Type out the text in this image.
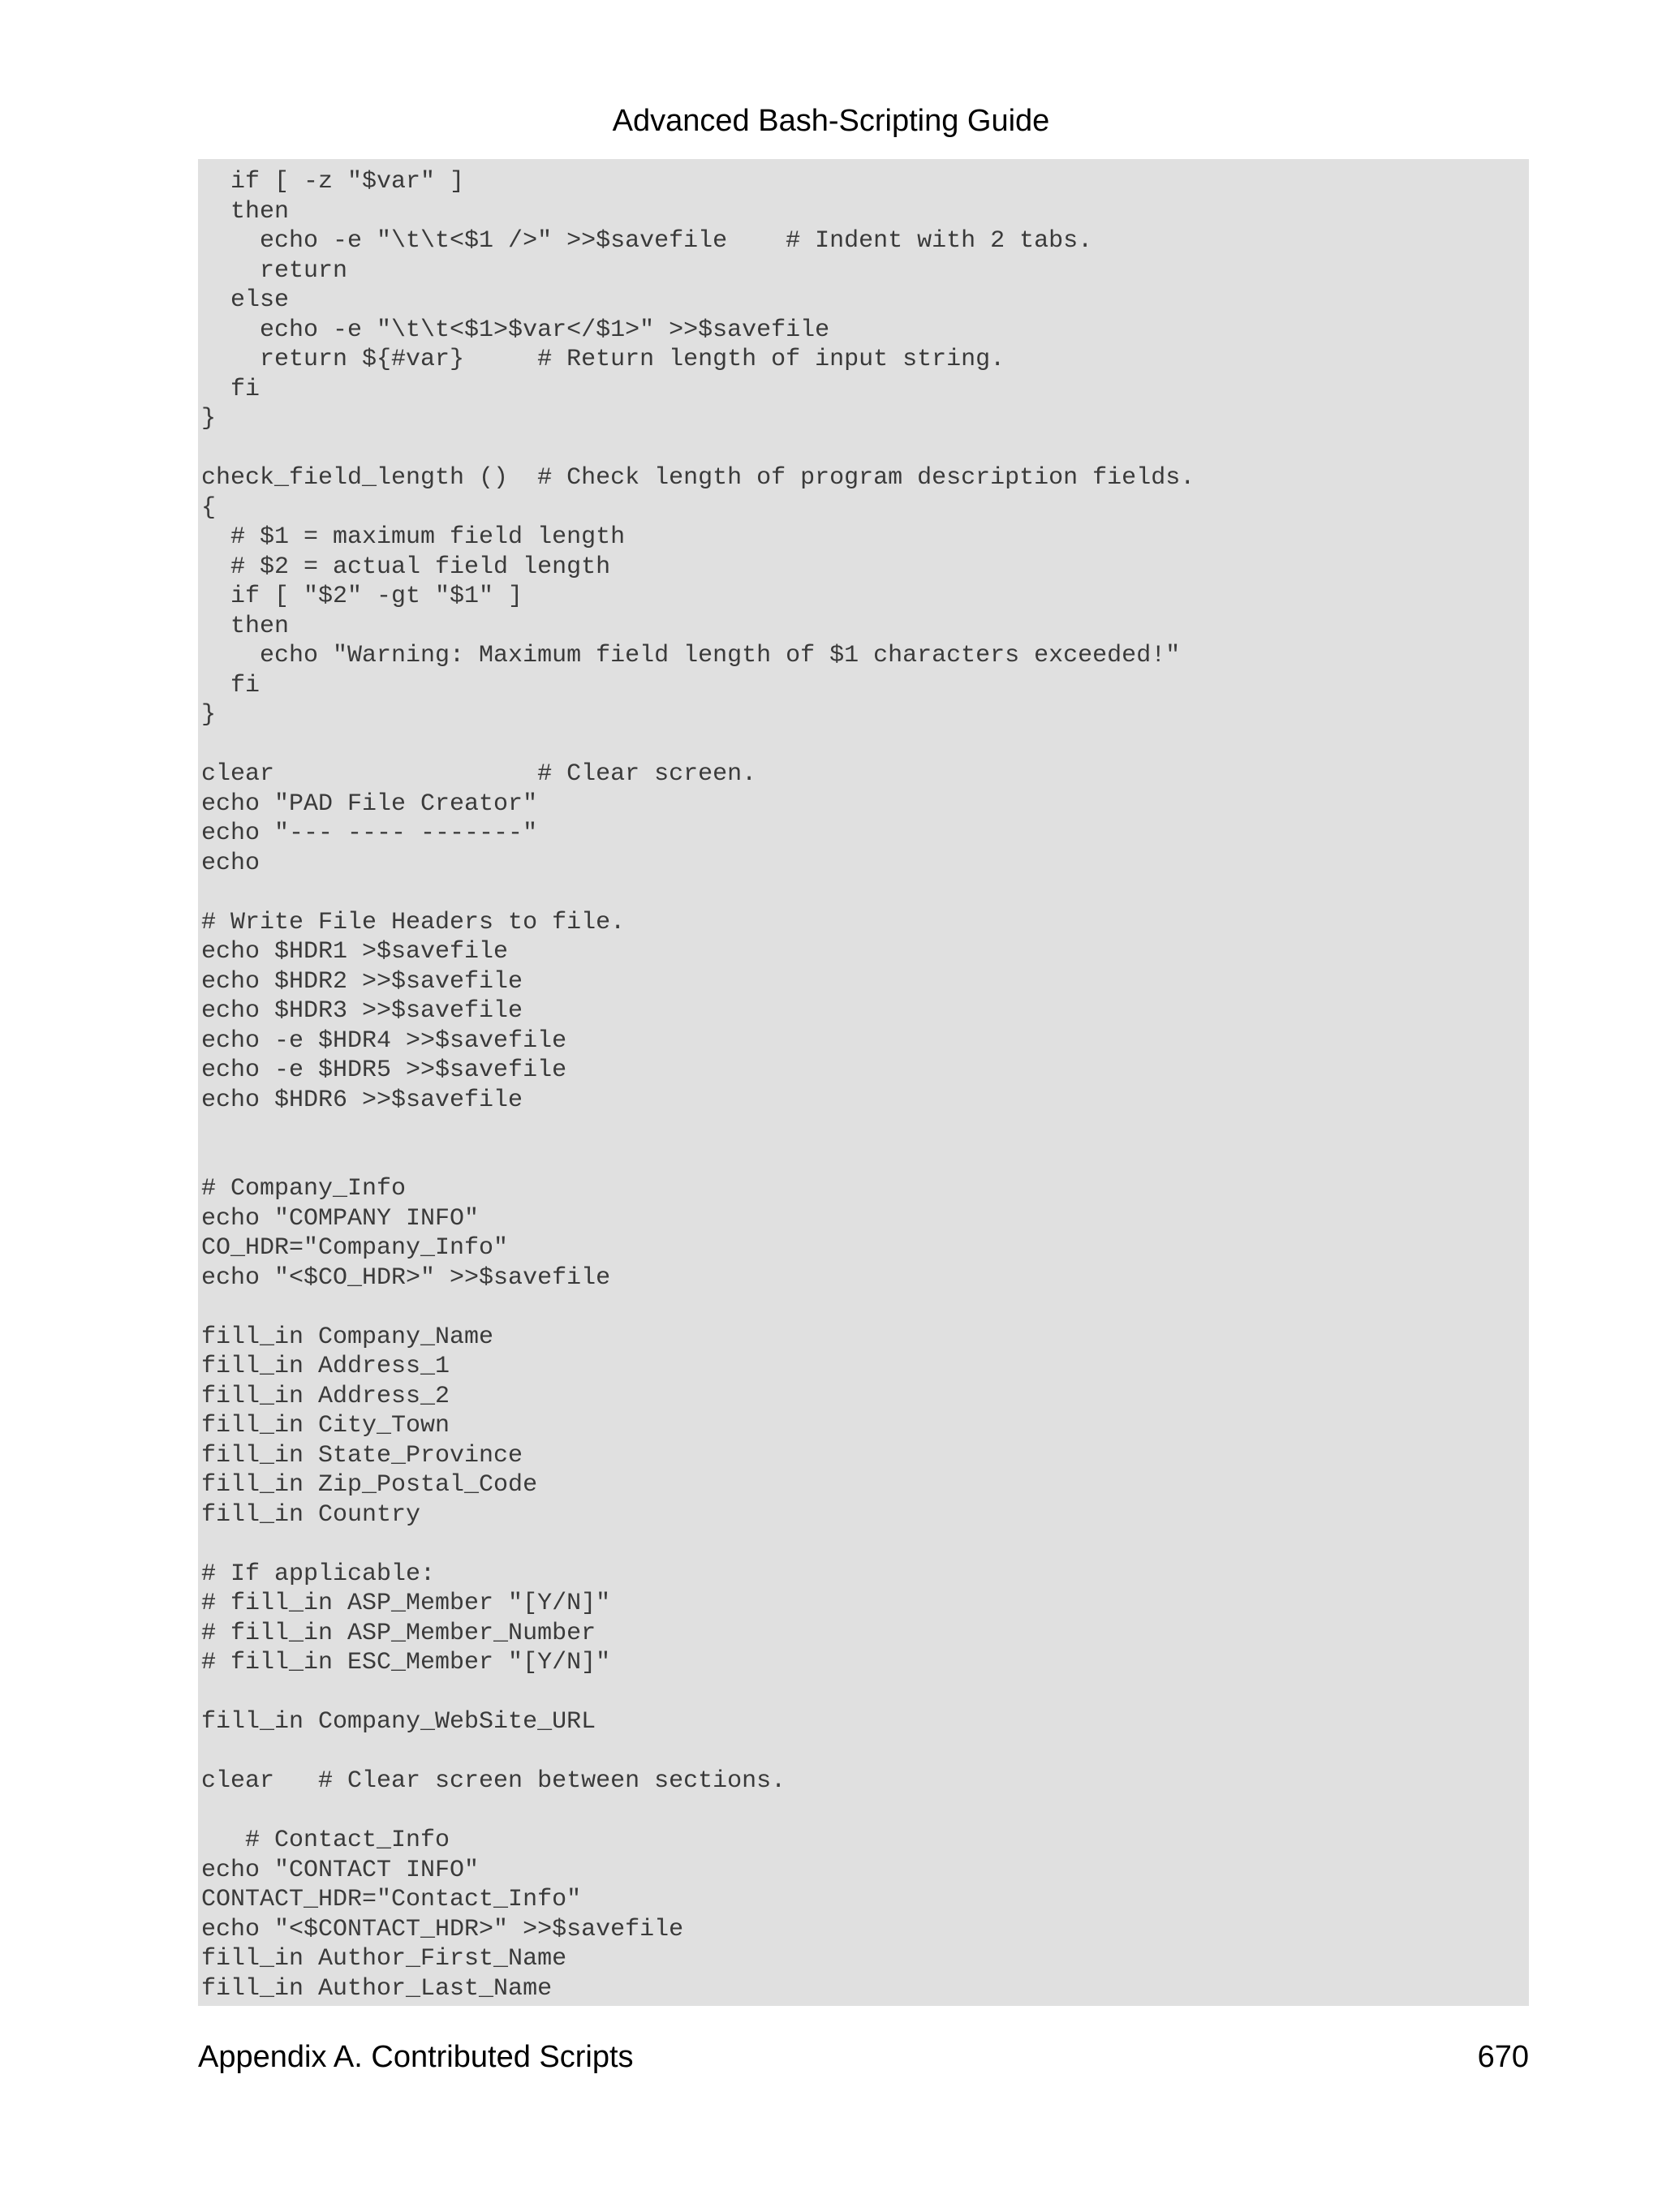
Advanced Bash-Scripting Guide
if [ -z "$var" ]
then
echo -e "\t\t<$1 />" >>$savefile    # Indent with 2 tabs.
return
else
echo -e "\t\t<$1>$var</$1>" >>$savefile
return ${#var}     # Return length of input string.
fi
}
check_field_length ()  # Check length of program description fields.
{
# $1 = maximum field length
# $2 = actual field length
if [ "$2" -gt "$1" ]
then
echo "Warning: Maximum field length of $1 characters exceeded!"
fi
}
clear                  # Clear screen.
echo "PAD File Creator"
echo "--- ---- -------"
echo
# Write File Headers to file.
echo $HDR1 >$savefile
echo $HDR2 >>$savefile
echo $HDR3 >>$savefile
echo -e $HDR4 >>$savefile
echo -e $HDR5 >>$savefile
echo $HDR6 >>$savefile
# Company_Info
echo "COMPANY INFO"
CO_HDR="Company_Info"
echo "<$CO_HDR>" >>$savefile
fill_in Company_Name
fill_in Address_1
fill_in Address_2
fill_in City_Town
fill_in State_Province
fill_in Zip_Postal_Code
fill_in Country
# If applicable:
# fill_in ASP_Member "[Y/N]"
# fill_in ASP_Member_Number
# fill_in ESC_Member "[Y/N]"
fill_in Company_WebSite_URL
clear   # Clear screen between sections.
# Contact_Info
echo "CONTACT INFO"
CONTACT_HDR="Contact_Info"
echo "<$CONTACT_HDR>" >>$savefile
fill_in Author_First_Name
fill_in Author_Last_Name
Appendix A. Contributed Scripts	670
